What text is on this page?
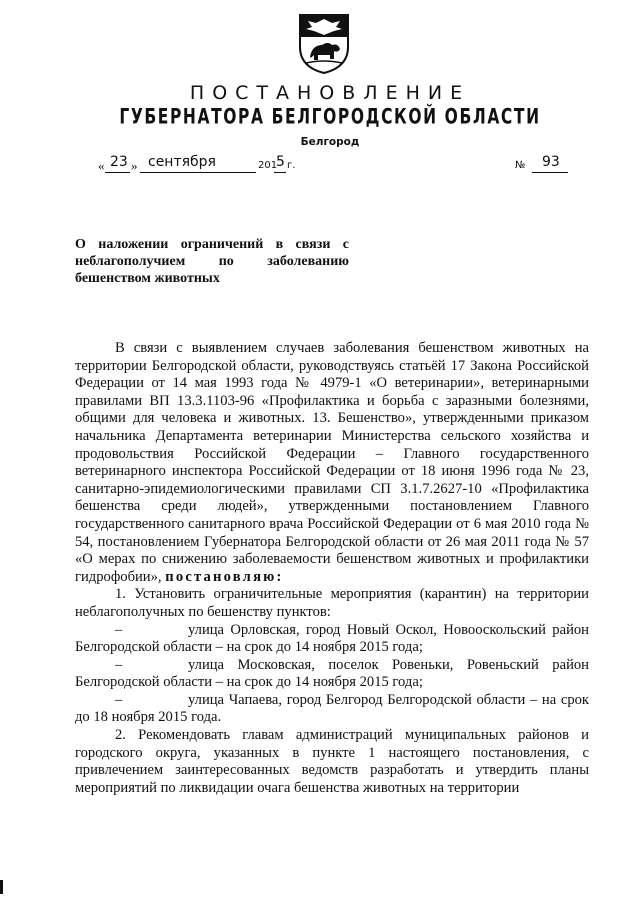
ПОСТАНОВЛЕНИЕ
ГУБЕРНАТОРА БЕЛГОРОДСКОЙ ОБЛАСТИ
Белгород
« 23 » сентября	201
5 г.	№ 93
О наложении ограничений в связи с неблагополучием по заболеванию бешенством животных

В связи с выявлением случаев заболевания бешенством животных на территории Белгородской области, руководствуясь статьёй 17 Закона Российской Федерации от 14 мая 1993 года № 4979-1 «О ветеринарии», ветеринарными правилами ВП 13.3.1103-96 «Профилактика и борьба с заразными болезнями, общими для человека и животных. 13. Бешенство», утвержденными приказом начальника Департамента ветеринарии Министерства сельского хозяйства и продовольствия Российской Федерации – Главного государственного ветеринарного инспектора Российской Федерации от 18 июня 1996 года № 23, санитарно-эпидемиологическими правилами СП 3.1.7.2627-10 «Профилактика бешенства среди людей», утвержденными постановлением Главного государственного санитарного врача Российской Федерации от 6 мая 2010 года № 54, постановлением Губернатора Белгородской области от 26 мая 2011 года № 57 «О мерах по снижению заболеваемости бешенством животных и профилактики гидрофобии», постановляю:

1. Установить ограничительные мероприятия (карантин) на территории неблагополучных по бешенству пунктов:

–	улица Орловская, город Новый Оскол, Новооскольский район Белгородской области – на срок до 14 ноября 2015 года;

–	улица Московская, поселок Ровеньки, Ровеньский район Белгородской области – на срок до 14 ноября 2015 года;

–	улица Чапаева, город Белгород Белгородской области – на срок до 18 ноября 2015 года.

2. Рекомендовать главам администраций муниципальных районов и городского округа, указанных в пункте 1 настоящего постановления, с привлечением заинтересованных ведомств разработать и утвердить планы мероприятий по ликвидации очага бешенства животных на территории
